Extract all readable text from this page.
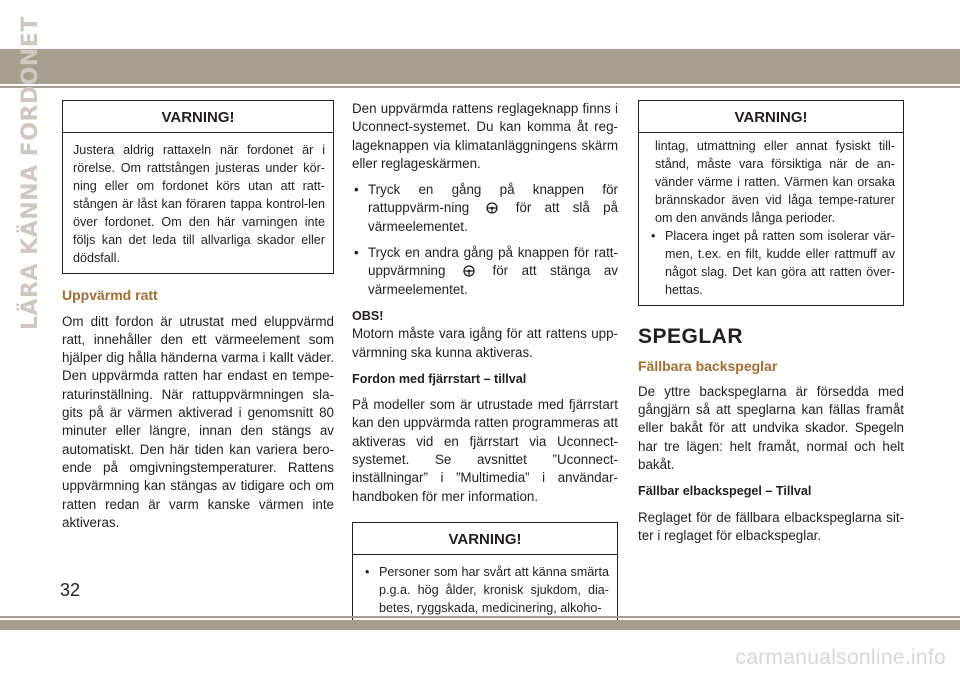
LÄRA KÄNNA FORDONET	VARNING!
Justera aldrig rattaxeln när fordonet är i rörelse. Om rattstången justeras under kör-ning eller om fordonet körs utan att ratt-stången är låst kan föraren tappa kontrol-len över fordonet. Om den här varningen inte följs kan det leda till allvarliga skador eller dödsfall.
Uppvärmd ratt

Om ditt fordon är utrustat med eluppvärmd ratt, innehåller den ett värmeelement som hjälper dig hålla händerna varma i kallt väder. Den uppvärmda ratten har endast en tempe-raturinställning. När rattuppvärmningen sla-gits på är värmen aktiverad i genomsnitt 80 minuter eller längre, innan den stängs av automatiskt. Den här tiden kan variera bero-ende på omgivningstemperaturer. Rattens uppvärmning kan stängas av tidigare och om ratten redan är varm kanske värmen inte aktiveras.

Den uppvärmda rattens reglageknapp finns i Uconnect-systemet. Du kan komma åt reg-lageknappen via klimatanläggningens skärm eller reglageskärmen.

• Tryck en gång på knappen för rattuppvärm-ning	för att slå på värmeelementet.
• Tryck en andra gång på knappen för ratt-uppvärmning	för att stänga av värmeelementet.
OBS!

Motorn måste vara igång för att rattens upp-värmning ska kunna aktiveras.

Fordon med fjärrstart – tillval

På modeller som är utrustade med fjärrstart kan den uppvärmda ratten programmeras att aktiveras vid en fjärrstart via Uconnect-systemet. Se avsnittet ”Uconnect-inställningar” i ”Multimedia” i användar-handboken för mer information.

VARNING!
• Personer som har svårt att känna smärta p.g.a. hög ålder, kronisk sjukdom, dia-betes, ryggskada, medicinering, alkoho-
VARNING!
lintag, utmattning eller annat fysiskt till-stånd, måste vara försiktiga när de an-vänder värme i ratten. Värmen kan orsaka brännskador även vid låga tempe-raturer om den används långa perioder.
• Placera inget på ratten som isolerar vär-men, t.ex. en filt, kudde eller rattmuff av något slag. Det kan göra att ratten över-hettas.
SPEGLAR
Fällbara backspeglar

De yttre backspeglarna är försedda med gångjärn så att speglarna kan fällas framåt eller bakåt för att undvika skador. Spegeln har tre lägen: helt framåt, normal och helt bakåt.

Fällbar elbackspegel – Tillval

Reglaget för de fällbara elbackspeglarna sit-ter i reglaget för elbackspeglar.

32
carmanualsonline.info
